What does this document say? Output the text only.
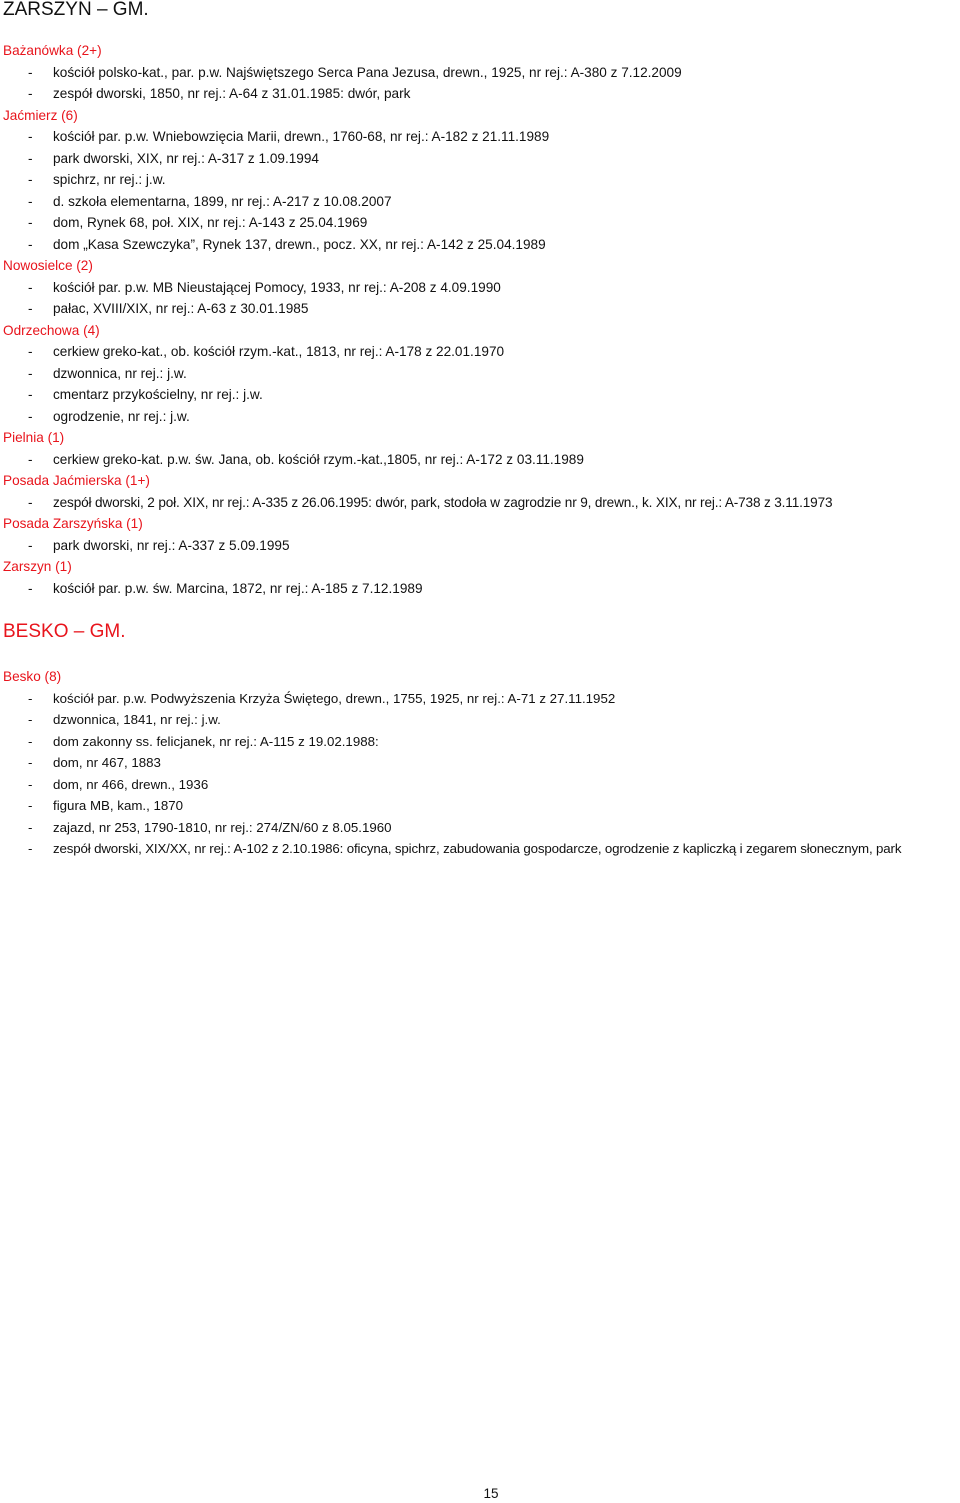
ZARSZYN – GM.
Bażanówka (2+)
- kościół polsko-kat., par. p.w. Najświętszego Serca Pana Jezusa, drewn., 1925, nr rej.: A-380 z 7.12.2009
- zespół dworski, 1850, nr rej.: A-64 z 31.01.1985: dwór, park
Jaćmierz (6)
- kościół par. p.w. Wniebowzięcia Marii, drewn., 1760-68, nr rej.: A-182 z 21.11.1989
- park dworski, XIX, nr rej.: A-317 z 1.09.1994
- spichrz, nr rej.: j.w.
- d. szkoła elementarna, 1899, nr rej.: A-217 z 10.08.2007
- dom, Rynek 68, poł. XIX, nr rej.: A-143 z 25.04.1969
- dom „Kasa Szewczyka”, Rynek 137, drewn., pocz. XX, nr rej.: A-142 z 25.04.1989
Nowosielce (2)
- kościół par. p.w. MB Nieustającej Pomocy, 1933, nr rej.: A-208 z 4.09.1990
- pałac, XVIII/XIX, nr rej.: A-63 z 30.01.1985
Odrzechowa (4)
- cerkiew greko-kat., ob. kościół rzym.-kat., 1813, nr rej.: A-178 z 22.01.1970
- dzwonnica, nr rej.: j.w.
- cmentarz przykościelny, nr rej.: j.w.
- ogrodzenie, nr rej.: j.w.
Pielnia (1)
- cerkiew greko-kat. p.w. św. Jana, ob. kościół rzym.-kat.,1805, nr rej.: A-172 z 03.11.1989
Posada Jaćmierska (1+)
- zespół dworski, 2 poł. XIX, nr rej.: A-335 z 26.06.1995: dwór, park, stodoła w zagrodzie nr 9, drewn., k. XIX, nr rej.: A-738 z 3.11.1973
Posada Zarszyńska (1)
- park dworski, nr rej.: A-337 z 5.09.1995
Zarszyn (1)
- kościół par. p.w. św. Marcina, 1872, nr rej.: A-185 z 7.12.1989
BESKO – GM.
Besko (8)
- kościół par. p.w. Podwyższenia Krzyża Świętego, drewn., 1755, 1925, nr rej.: A-71 z 27.11.1952
- dzwonnica, 1841, nr rej.: j.w.
- dom zakonny ss. felicjanek, nr rej.: A-115 z 19.02.1988:
- dom, nr 467, 1883
- dom, nr 466, drewn., 1936
- figura MB, kam., 1870
- zajazd, nr 253, 1790-1810, nr rej.: 274/ZN/60 z 8.05.1960
- zespół dworski, XIX/XX, nr rej.: A-102 z 2.10.1986: oficyna, spichrz, zabudowania gospodarcze, ogrodzenie z kapliczką i zegarem słonecznym, park
15
